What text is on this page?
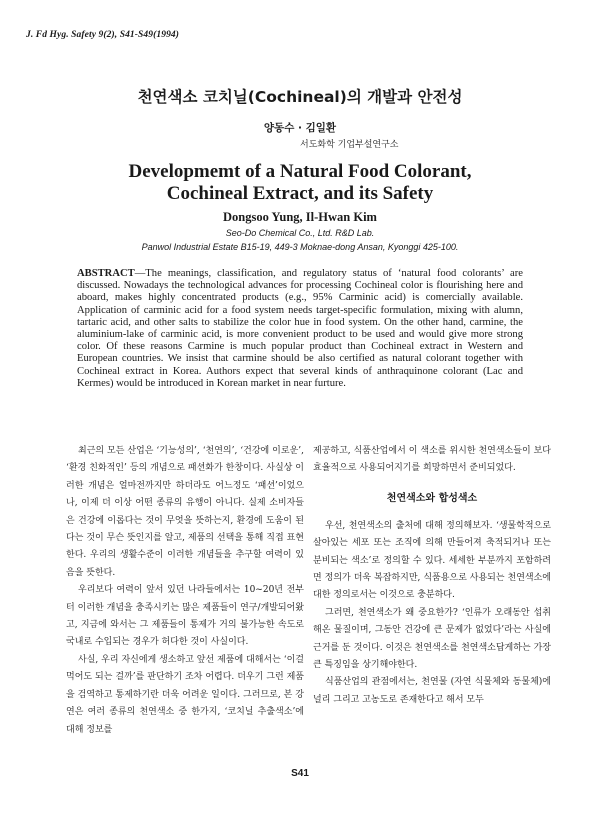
J. Fd Hyg. Safety 9(2), S41-S49(1994)
천연색소 코치닐(Cochineal)의 개발과 안전성
양동수 · 김일환
서도화학 기업부설연구소
Developmemt of a Natural Food Colorant,
Cochineal Extract, and its Safety
Dongsoo Yung, Il-Hwan Kim
Seo-Do Chemical Co., Ltd. R&D Lab.
Panwol Industrial Estate B15-19, 449-3 Moknae-dong Ansan, Kyonggi 425-100.
ABSTRACT—The meanings, classification, and regulatory status of ‘natural food colorants’ are discussed. Nowadays the technological advances for processing Cochineal color is flourishing here and aboard, makes highly concentrated products (e.g., 95% Carminic acid) is comercially available. Application of carminic acid for a food system needs target-specific formulation, mixing with alumn, tartaric acid, and other salts to stabilize the color hue in food system. On the other hand, carmine, the aluminium-lake of carminic acid, is more convenient product to be used and would give more strong color. Of these reasons Carmine is much popular product than Cochineal extract in Western and European countries. We insist that carmine should be also certified as natural colorant together with Cochineal extract in Korea. Authors expect that several kinds of anthraquinone colorant (Lac and Kermes) would be introduced in Korean market in near furture.

최근의 모든 산업은 ‘기능성의’, ‘천연의’, ‘건강에 이로운’, ‘환경 친화적인’ 등의 개념으로 패션화가 한창이다. 사실상 이러한 개념은 얼마전까지만 하더라도 어느정도 ‘패션’이었으나, 이제 더 이상 어떤 종류의 유행이 아니다. 실제 소비자들은 건강에 이롭다는 것이 무엇을 뜻하는지, 환경에 도움이 된다는 것이 무슨 뜻인지를 알고, 제품의 선택을 통해 직접 표현한다. 우리의 생활수준이 이러한 개념들을 추구할 여력이 있음을 뜻한다.

우리보다 여력이 앞서 있던 나라들에서는 10~20년 전부터 이러한 개념을 충족시키는 많은 제품들이 연구/개발되어왔고, 지금에 와서는 그 제품들이 통제가 거의 불가능한 속도로 국내로 수입되는 경우가 허다한 것이 사실이다.

사실, 우리 자신에게 생소하고 앞선 제품에 대해서는 ‘이걸 먹어도 되는 걸까’를 판단하기 조차 어렵다. 더우기 그런 제품을 검역하고 통제하기란 더욱 어려운 일이다. 그러므로, 본 강연은 여러 종류의 천연색소 중 한가지, ‘코치닐 추출색소’에 대해 정보를

제공하고, 식품산업에서 이 색소를 위시한 천연색소들이 보다 효율적으로 사용되어지기를 희망하면서 준비되었다.

천연색소와 합성색소

우선, 천연색소의 출처에 대해 정의해보자. ‘생물학적으로 살아있는 세포 또는 조직에 의해 만들어져 축적되거나 또는 분비되는 색소’로 정의할 수 있다. 세세한 부분까지 포함하려면 정의가 더욱 복잡하지만, 식품용으로 사용되는 천연색소에 대한 정의로서는 이것으로 충분하다.

그러면, 천연색소가 왜 중요한가? ‘인류가 오래동안 섭취해온 물질이며, 그동안 건강에 큰 문제가 없었다’라는 사실에 근거를 둔 것이다. 이것은 천연색소를 천연색소답게하는 가장 큰 특징임을 상기해야한다.

식품산업의 관점에서는, 천연물 (자연 식물체와 동물체)에 널리 그리고 고농도로 존재한다고 해서 모두

S41
